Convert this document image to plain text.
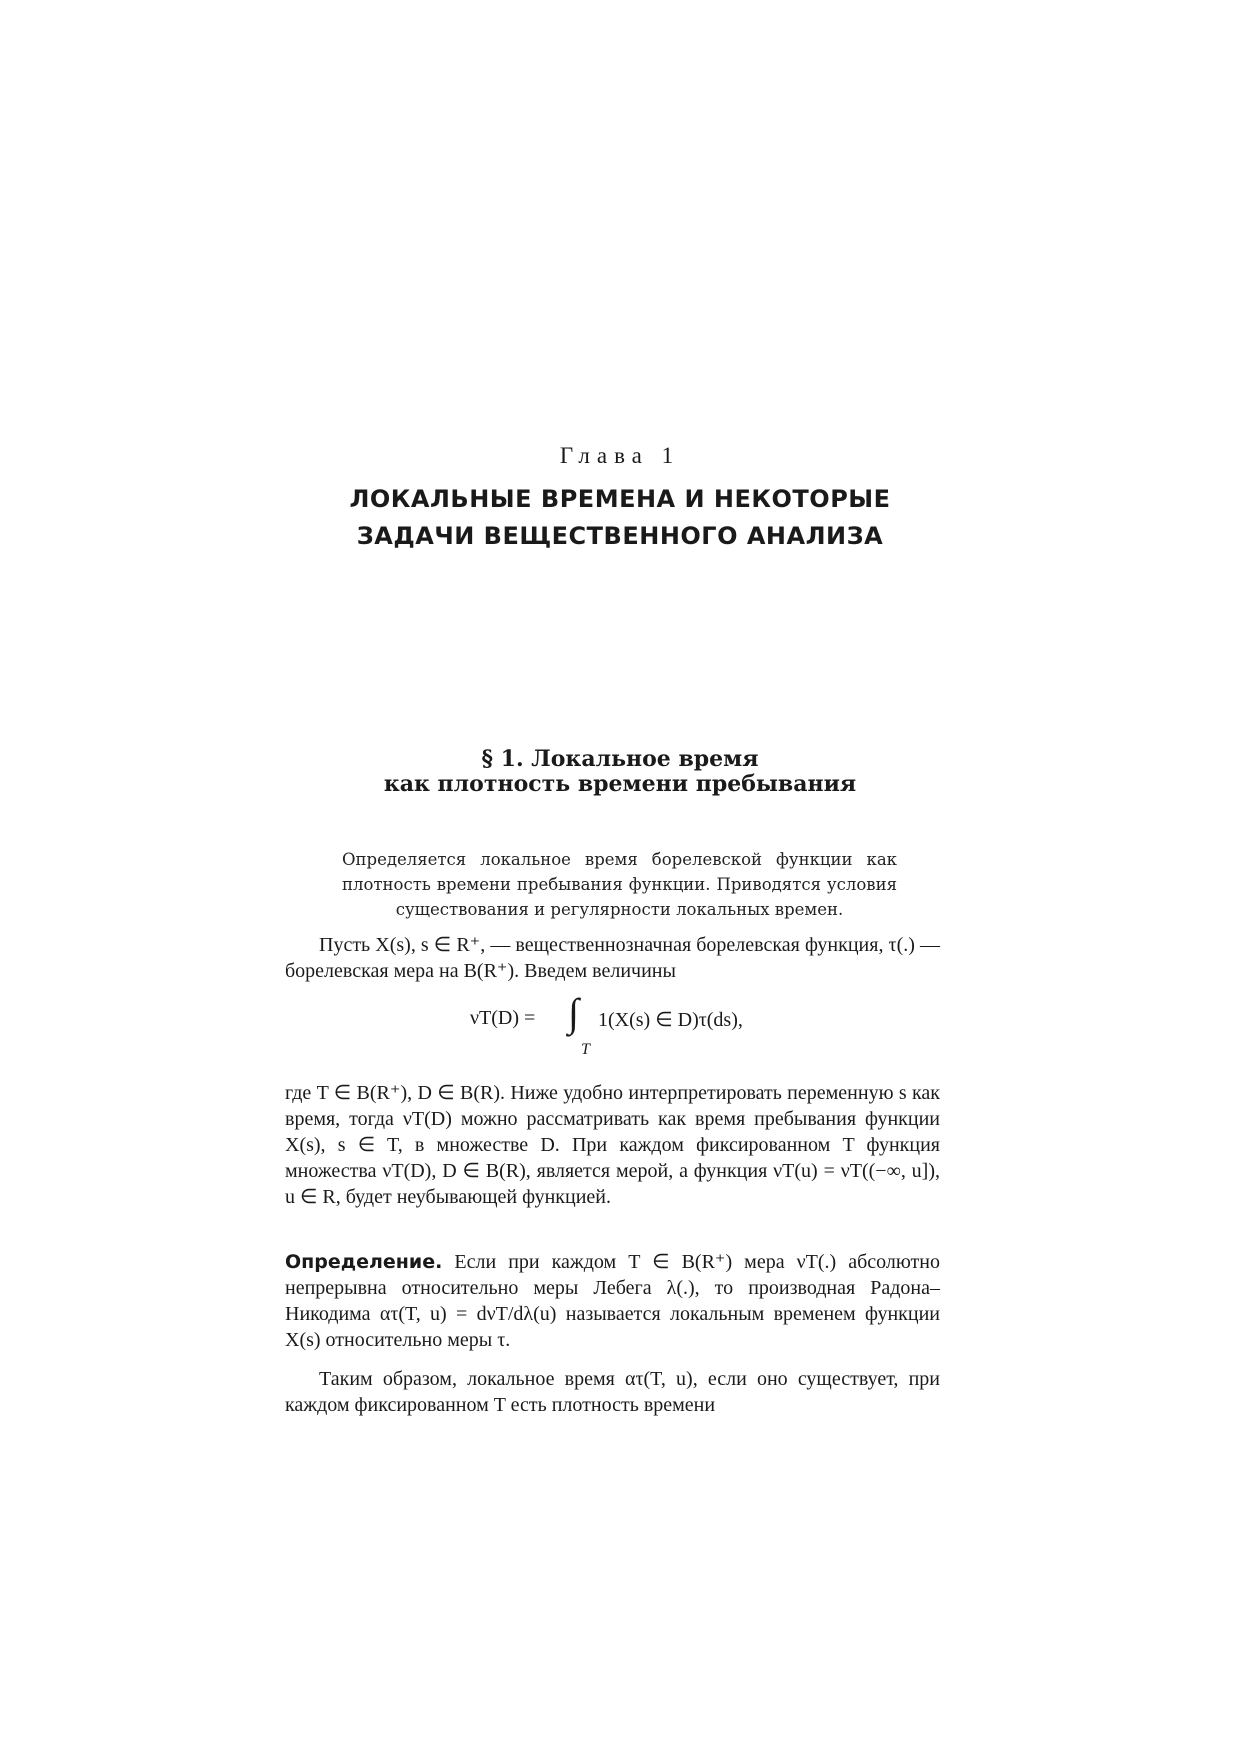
Глава 1
ЛОКАЛЬНЫЕ ВРЕМЕНА И НЕКОТОРЫЕ
ЗАДАЧИ ВЕЩЕСТВЕННОГО АНАЛИЗА
§ 1. Локальное время
как плотность времени пребывания
Определяется локальное время борелевской функции как плотность времени пребывания функции. Приводятся условия существования и регулярности локальных времен.
Пусть X(s), s ∈ R⁺, — вещественнозначная борелевская функция, τ(.) — борелевская мера на B(R⁺). Введем величины
νT(D) = ∫
T
1(X(s) ∈ D)τ(ds),
где T ∈ B(R⁺), D ∈ B(R). Ниже удобно интерпретировать переменную s как время, тогда νT(D) можно рассматривать как время пребывания функции X(s), s ∈ T, в множестве D. При каждом фиксированном T функция множества νT(D), D ∈ B(R), является мерой, а функция νT(u) = νT((−∞, u]), u ∈ R, будет неубывающей функцией.
Определение. Если при каждом T ∈ B(R⁺) мера νT(.) абсолютно непрерывна относительно меры Лебега λ(.), то производная Радона–Никодима ατ(T, u) = dνT/dλ(u) называется локальным временем функции X(s) относительно меры τ.
Таким образом, локальное время ατ(T, u), если оно существует, при каждом фиксированном T есть плотность времени
